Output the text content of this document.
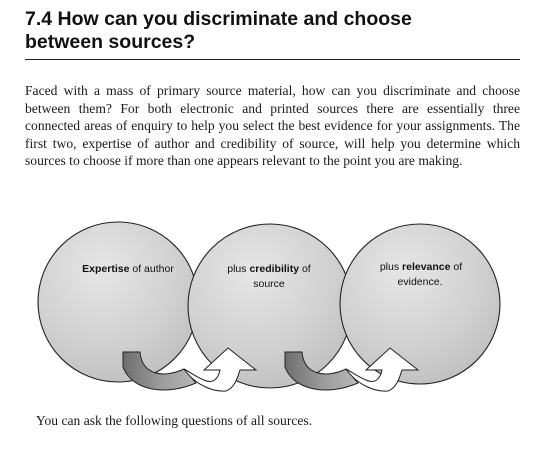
7.4 How can you discriminate and choose
between sources?

Faced with a mass of primary source material, how can you discriminate and choose between them? For both electronic and printed sources there are essentially three connected areas of enquiry to help you select the best evidence for your assignments. The first two, expertise of author and credibility of source, will help you determine which sources to choose if more than one appears relevant to the point you are making.

Expertise of author	plus credibility of
source
plus relevance of
evidence.

You can ask the following questions of all sources.
